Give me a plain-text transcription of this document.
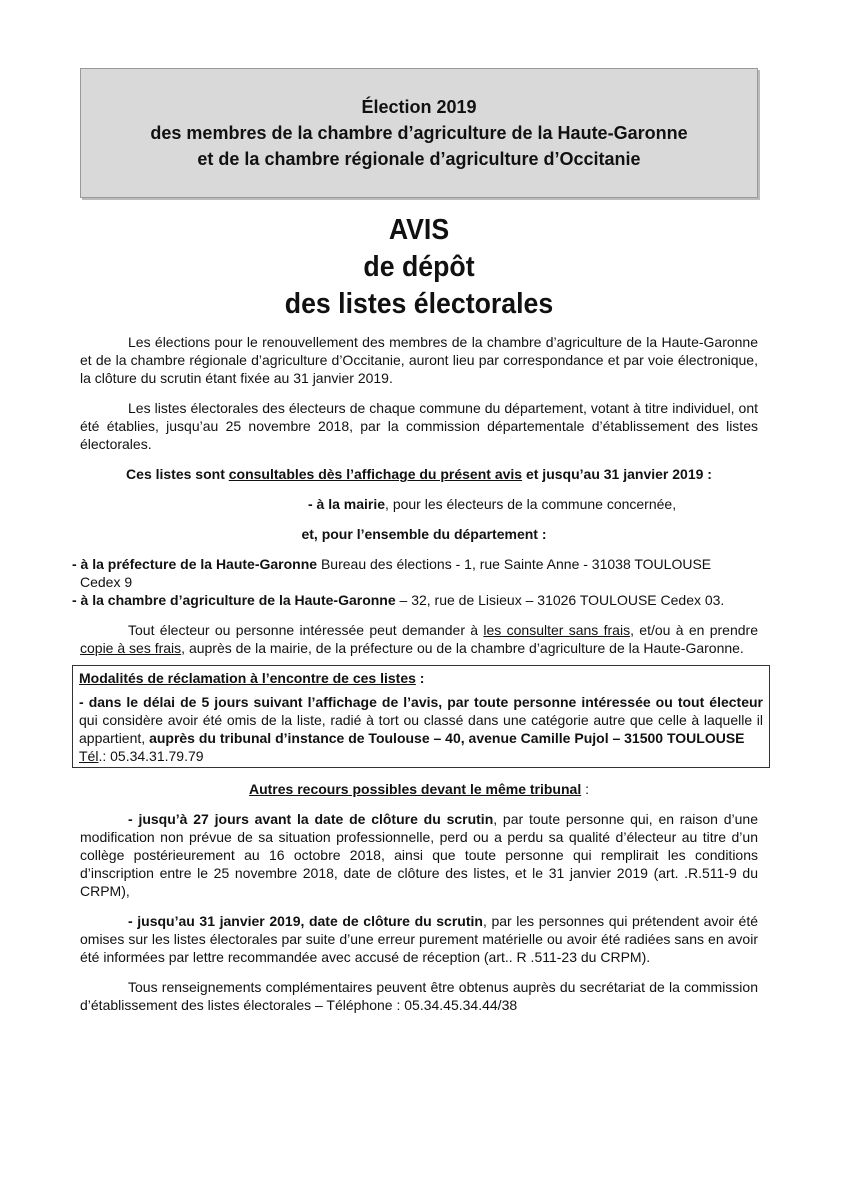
Élection 2019
des membres de la chambre d’agriculture de la Haute-Garonne
et de la chambre régionale d’agriculture d’Occitanie
AVIS
de dépôt
des listes électorales

Les élections pour le renouvellement des membres de la chambre d’agriculture de la Haute-Garonne et de la chambre régionale d’agriculture d’Occitanie, auront lieu par correspondance et par voie électronique, la clôture du scrutin étant fixée au 31 janvier 2019.

Les listes électorales des électeurs de chaque commune du département, votant à titre individuel, ont été établies, jusqu’au 25 novembre 2018, par la commission départementale d’établissement des listes électorales.

Ces listes sont consultables dès l’affichage du présent avis et jusqu’au 31 janvier 2019 :

- à la mairie, pour les électeurs de la commune concernée,

et, pour l’ensemble du département :

- à la préfecture de la Haute-Garonne Bureau des élections - 1, rue Sainte Anne - 31038 TOULOUSE Cedex 9

- à la chambre d’agriculture de la Haute-Garonne – 32, rue de Lisieux – 31026 TOULOUSE Cedex 03.

Tout électeur ou personne intéressée peut demander à les consulter sans frais, et/ou à en prendre copie à ses frais, auprès de la mairie, de la préfecture ou de la chambre d’agriculture de la Haute-Garonne.

Modalités de réclamation à l’encontre de ces listes :

- dans le délai de 5 jours suivant l’affichage de l’avis, par toute personne intéressée ou tout électeur qui considère avoir été omis de la liste, radié à tort ou classé dans une catégorie autre que celle à laquelle il appartient, auprès du tribunal d’instance de Toulouse – 40, avenue Camille Pujol – 31500 TOULOUSE

Tél.: 05.34.31.79.79

Autres recours possibles devant le même tribunal :

- jusqu’à 27 jours avant la date de clôture du scrutin, par toute personne qui, en raison d’une modification non prévue de sa situation professionnelle, perd ou a perdu sa qualité d’électeur au titre d’un collège postérieurement au 16 octobre 2018, ainsi que toute personne qui remplirait les conditions d’inscription entre le 25 novembre 2018, date de clôture des listes, et le 31 janvier 2019 (art. .R.511-9 du CRPM),

- jusqu’au 31 janvier 2019, date de clôture du scrutin, par les personnes qui prétendent avoir été omises sur les listes électorales par suite d’une erreur purement matérielle ou avoir été radiées sans en avoir été informées par lettre recommandée avec accusé de réception (art.. R .511-23 du CRPM).

Tous renseignements complémentaires peuvent être obtenus auprès du secrétariat de la commission d’établissement des listes électorales – Téléphone : 05.34.45.34.44/38
